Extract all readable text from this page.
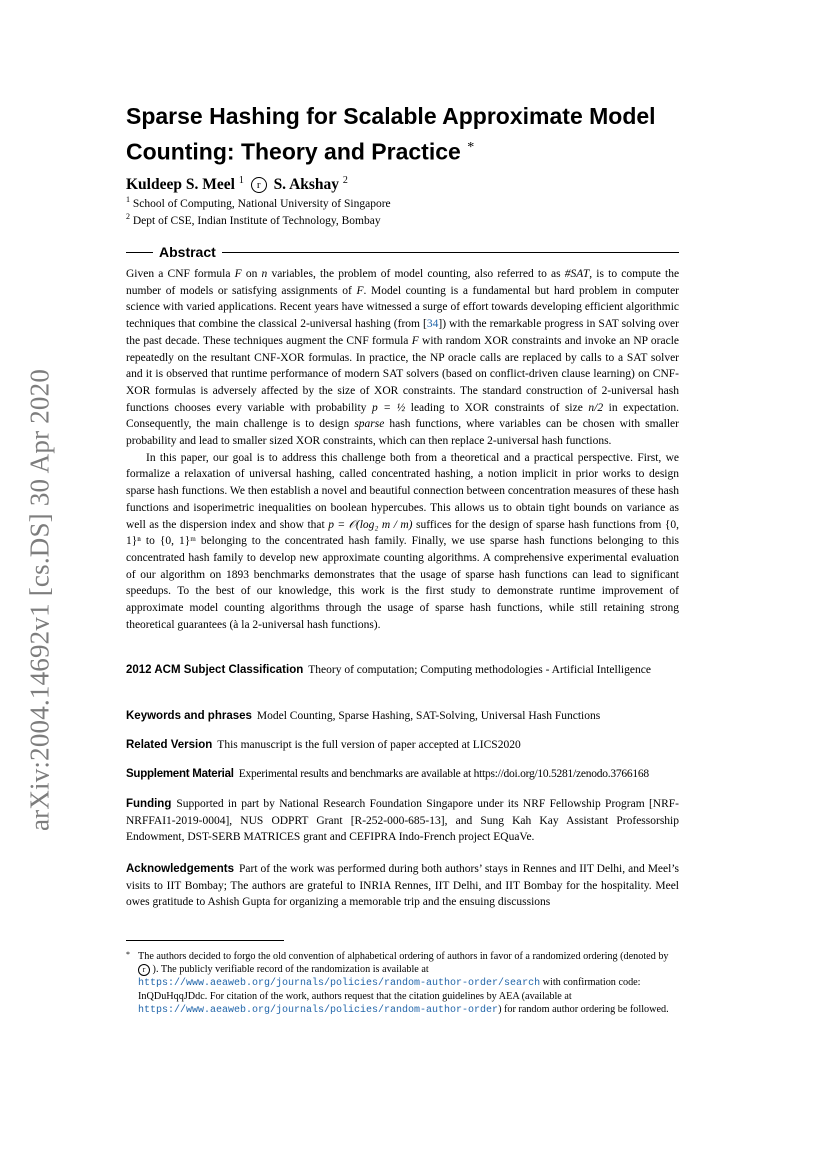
arXiv:2004.14692v1 [cs.DS] 30 Apr 2020
Sparse Hashing for Scalable Approximate Model
Counting: Theory and Practice *
Kuldeep S. Meel $^1$ r S. Akshay $^2$
$^1$ School of Computing, National University of Singapore
$^2$ Dept of CSE, Indian Institute of Technology, Bombay
Abstract

Given a CNF formula F on n variables, the problem of model counting, also referred to as #SAT, is to compute the number of models or satisfying assignments of F. Model counting is a fundamental but hard problem in computer science with varied applications. Recent years have witnessed a surge of effort towards developing efficient algorithmic techniques that combine the classical 2-universal hashing (from [34]) with the remarkable progress in SAT solving over the past decade. These techniques augment the CNF formula F with random XOR constraints and invoke an NP oracle repeatedly on the resultant CNF-XOR formulas. In practice, the NP oracle calls are replaced by calls to a SAT solver and it is observed that runtime performance of modern SAT solvers (based on conflict-driven clause learning) on CNF-XOR formulas is adversely affected by the size of XOR constraints. The standard construction of 2-universal hash functions chooses every variable with probability p = ½ leading to XOR constraints of size n/2 in expectation. Consequently, the main challenge is to design sparse hash functions, where variables can be chosen with smaller probability and lead to smaller sized XOR constraints, which can then replace 2-universal hash functions.

In this paper, our goal is to address this challenge both from a theoretical and a practical perspective. First, we formalize a relaxation of universal hashing, called concentrated hashing, a notion implicit in prior works to design sparse hash functions. We then establish a novel and beautiful connection between concentration measures of these hash functions and isoperimetric inequalities on boolean hypercubes. This allows us to obtain tight bounds on variance as well as the dispersion index and show that p = 𝒪(log₂ m / m) suffices for the design of sparse hash functions from {0, 1}ⁿ to {0, 1}ᵐ belonging to the concentrated hash family. Finally, we use sparse hash functions belonging to this concentrated hash family to develop new approximate counting algorithms. A comprehensive experimental evaluation of our algorithm on 1893 benchmarks demonstrates that the usage of sparse hash functions can lead to significant speedups. To the best of our knowledge, this work is the first study to demonstrate runtime improvement of approximate model counting algorithms through the usage of sparse hash functions, while still retaining strong theoretical guarantees (à la 2-universal hash functions).

2012 ACM Subject Classification Theory of computation; Computing methodologies - Artificial Intelligence
Keywords and phrases Model Counting, Sparse Hashing, SAT-Solving, Universal Hash Functions
Related Version This manuscript is the full version of paper accepted at LICS2020
Supplement Material Experimental results and benchmarks are available at https://doi.org/10.5281/zenodo.3766168
Funding Supported in part by National Research Foundation Singapore under its NRF Fellowship Program [NRF-NRFFAI1-2019-0004], NUS ODPRT Grant [R-252-000-685-13], and Sung Kah Kay Assistant Professorship Endowment, DST-SERB MATRICES grant and CEFIPRA Indo-French project EQuaVe.
Acknowledgements Part of the work was performed during both authors’ stays in Rennes and IIT Delhi, and Meel’s visits to IIT Bombay; The authors are grateful to INRIA Rennes, IIT Delhi, and IIT Bombay for the hospitality. Meel owes gratitude to Ashish Gupta for organizing a memorable trip and the ensuing discussions
* The authors decided to forgo the old convention of alphabetical ordering of authors in favor of a randomized ordering (denoted by r ). The publicly verifiable record of the randomization is available at https://www.aeaweb.org/journals/policies/random-author-order/search with confirmation code: InQDuHqqJDdc. For citation of the work, authors request that the citation guidelines by AEA (available at https://www.aeaweb.org/journals/policies/random-author-order) for random author ordering be followed.
